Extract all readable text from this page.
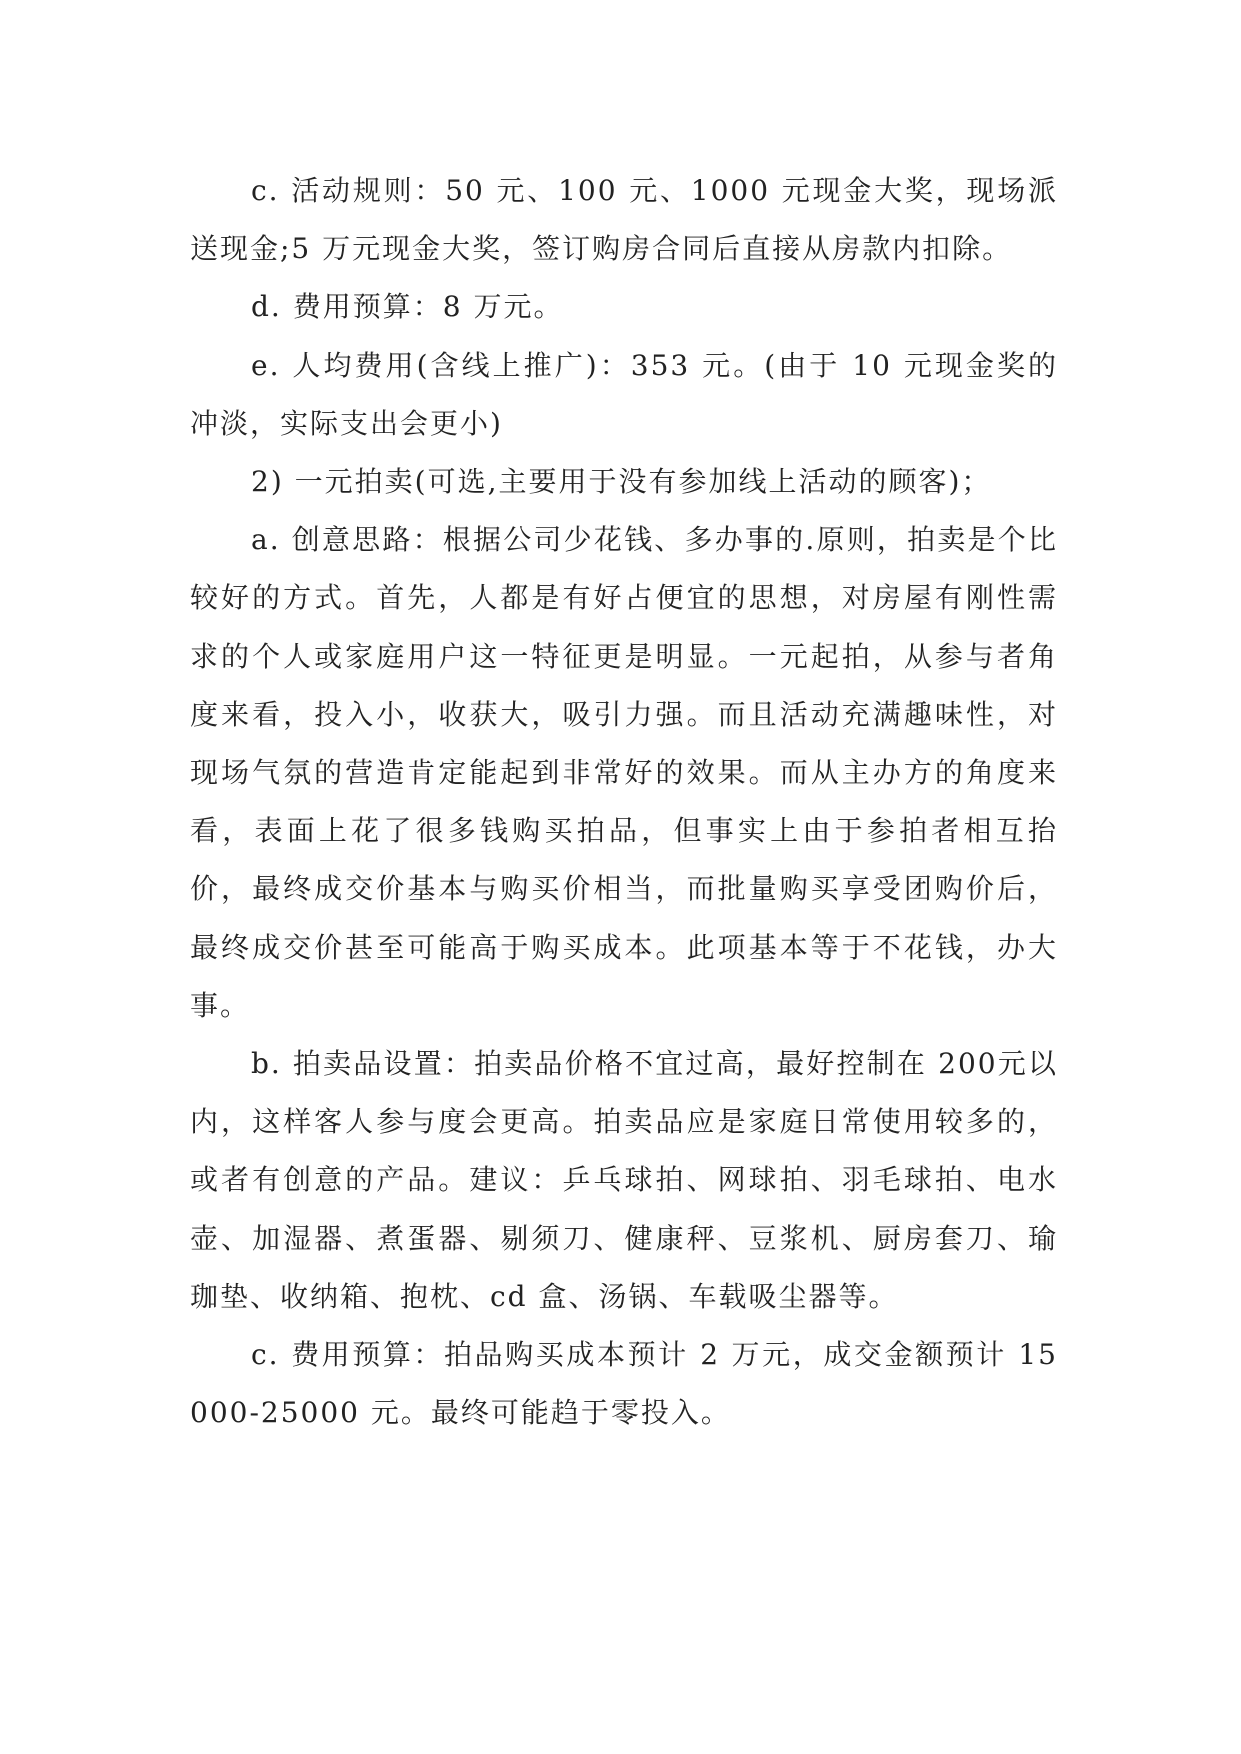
c. 活动规则：50 元、100 元、1000 元现金大奖，现场派送现金;5 万元现金大奖，签订购房合同后直接从房款内扣除。

d. 费用预算：8 万元。

e. 人均费用(含线上推广)：353 元。(由于 10 元现金奖的冲淡，实际支出会更小)

2) 一元拍卖(可选,主要用于没有参加线上活动的顾客)；

a. 创意思路：根据公司少花钱、多办事的.原则，拍卖是个比较好的方式。首先，人都是有好占便宜的思想，对房屋有刚性需求的个人或家庭用户这一特征更是明显。一元起拍，从参与者角度来看，投入小，收获大，吸引力强。而且活动充满趣味性，对现场气氛的营造肯定能起到非常好的效果。而从主办方的角度来看，表面上花了很多钱购买拍品，但事实上由于参拍者相互抬价，最终成交价基本与购买价相当，而批量购买享受团购价后，最终成交价甚至可能高于购买成本。此项基本等于不花钱，办大事。

b. 拍卖品设置：拍卖品价格不宜过高，最好控制在 200元以内，这样客人参与度会更高。拍卖品应是家庭日常使用较多的，或者有创意的产品。建议：乒乓球拍、网球拍、羽毛球拍、电水壶、加湿器、煮蛋器、剔须刀、健康秤、豆浆机、厨房套刀、瑜珈垫、收纳箱、抱枕、cd 盒、汤锅、车载吸尘器等。

c. 费用预算：拍品购买成本预计 2 万元，成交金额预计 15000-25000 元。最终可能趋于零投入。
